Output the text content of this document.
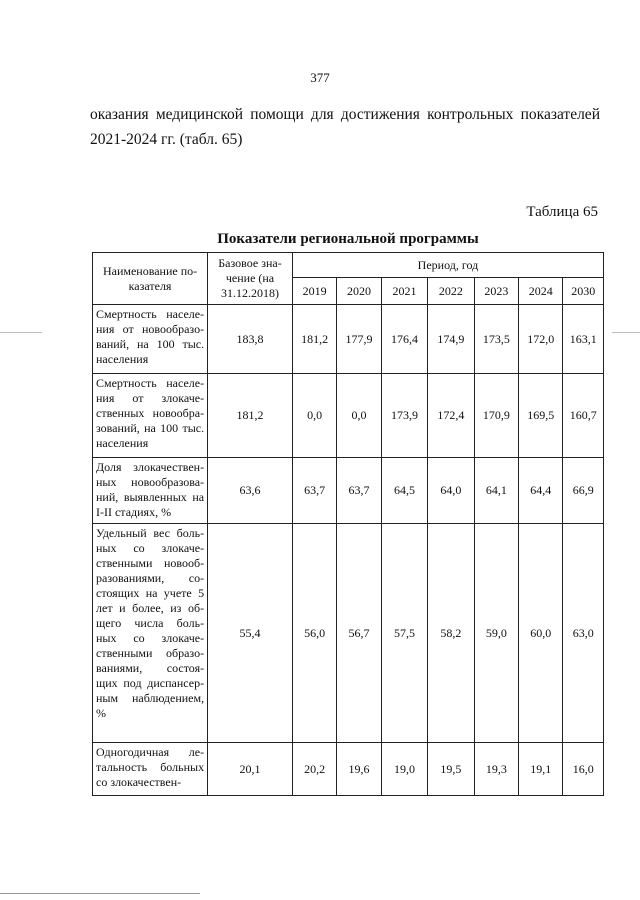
377
оказания медицинской помощи для достижения контрольных показателей 2021-2024 гг. (табл. 65)
Таблица 65
Показатели региональной программы
Наименование по-казателя	Базовое зна-чение (на 31.12.2018)	Период, год						
		2019	2020	2021	2022	2023	2024	2030
Смертность населе-ния от новообразо-ваний, на 100 тыс. населения	183,8	181,2	177,9	176,4	174,9	173,5	172,0	163,1
Смертность населе-ния от злокаче-ственных новообра-зований, на 100 тыс. населения	181,2	0,0	0,0	173,9	172,4	170,9	169,5	160,7
Доля злокачествен-ных новообразова-ний, выявленных на I-II стадиях, %	63,6	63,7	63,7	64,5	64,0	64,1	64,4	66,9
Удельный вес боль-ных со злокаче-ственными новооб-разованиями, со-стоящих на учете 5 лет и более, из об-щего числа боль-ных со злокаче-ственными образо-ваниями, состоя-щих под диспансер-ным наблюдением, %	55,4	56,0	56,7	57,5	58,2	59,0	60,0	63,0
Одногодичная ле-тальность больных со злокачествен-	20,1	20,2	19,6	19,0	19,5	19,3	19,1	16,0
